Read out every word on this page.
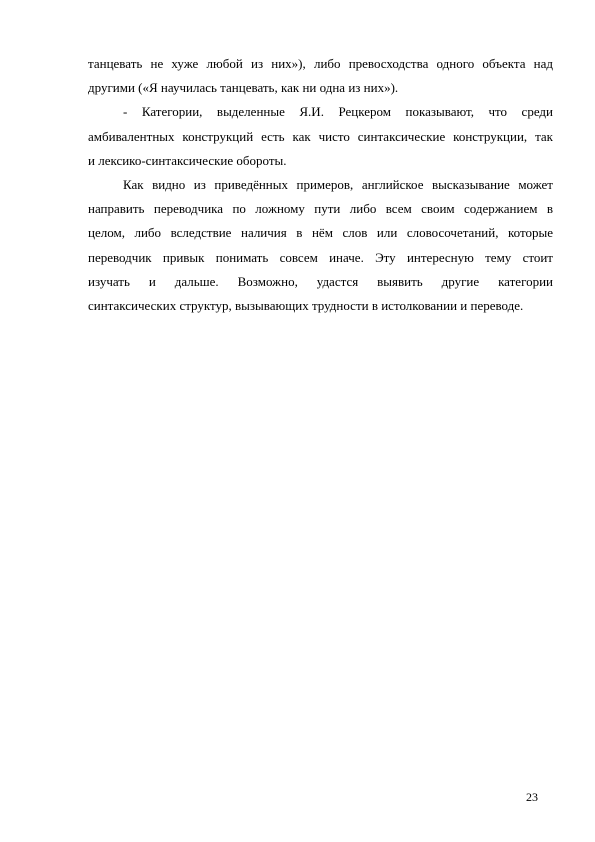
танцевать не хуже любой из них»), либо превосходства одного объекта над
другими («Я научилась танцевать, как ни одна из них»).
- Категории, выделенные Я.И. Рецкером показывают, что среди
амбивалентных конструкций есть как чисто синтаксические конструкции, так
и лексико-синтаксические обороты.
Как видно из приведённых примеров, английское высказывание может
направить переводчика по ложному пути либо всем своим содержанием в
целом, либо вследствие наличия в нём слов или словосочетаний, которые
переводчик привык понимать совсем иначе. Эту интересную тему стоит
изучать и дальше. Возможно, удастся выявить другие категории
синтаксических структур, вызывающих трудности в истолковании и переводе.
23
